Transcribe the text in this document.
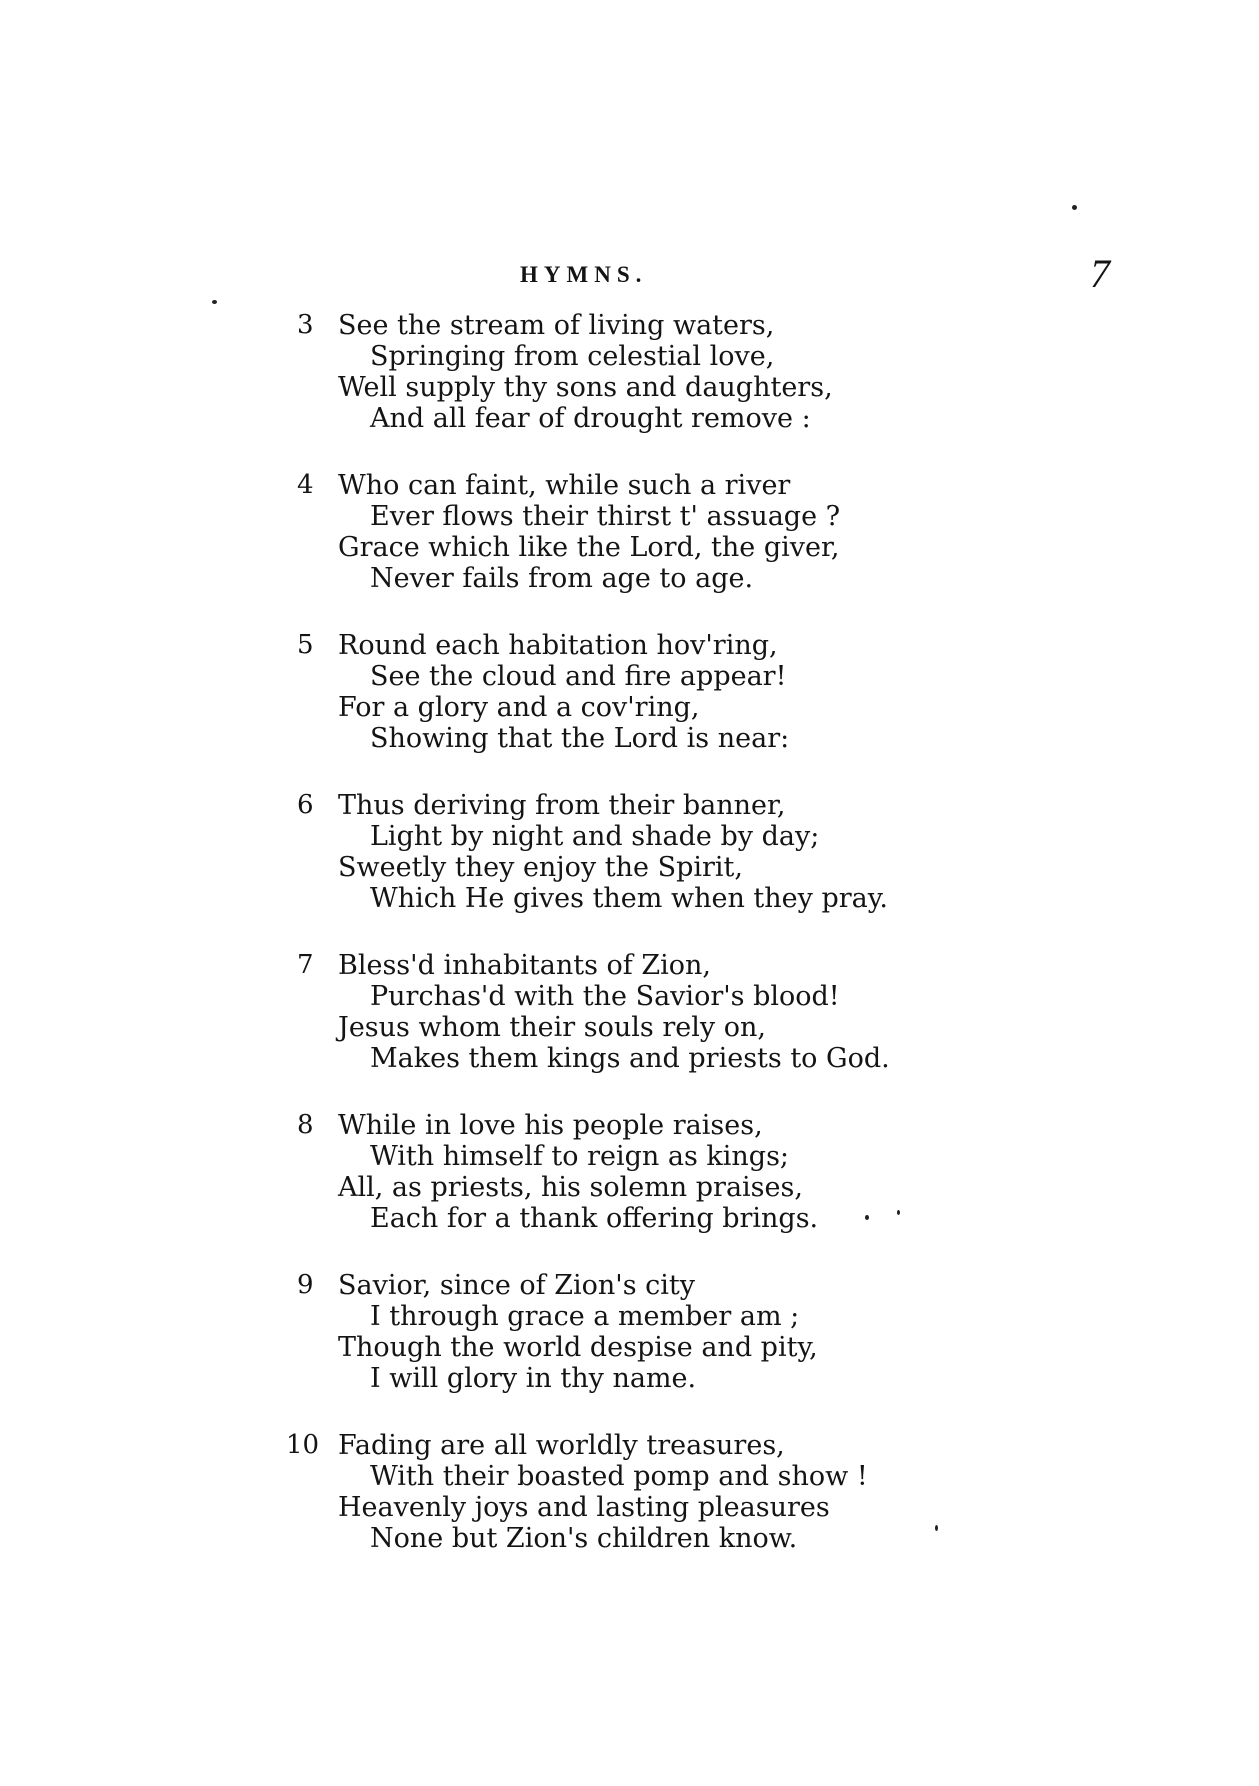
HYMNS.	7
3 See the stream of living waters,
Springing from celestial love,
Well supply thy sons and daughters,
And all fear of drought remove :
4 Who can faint, while such a river
Ever flows their thirst t' assuage ?
Grace which like the Lord, the giver,
Never fails from age to age.
5 Round each habitation hov'ring,
See the cloud and fire appear!
For a glory and a cov'ring,
Showing that the Lord is near:
6 Thus deriving from their banner,
Light by night and shade by day;
Sweetly they enjoy the Spirit,
Which He gives them when they pray.
7 Bless'd inhabitants of Zion,
Purchas'd with the Savior's blood!
Jesus whom their souls rely on,
Makes them kings and priests to God.
8 While in love his people raises,
With himself to reign as kings;
All, as priests, his solemn praises,
Each for a thank offering brings.
9 Savior, since of Zion's city
I through grace a member am ;
Though the world despise and pity,
I will glory in thy name.
10 Fading are all worldly treasures,
With their boasted pomp and show !
Heavenly joys and lasting pleasures
None but Zion's children know.
